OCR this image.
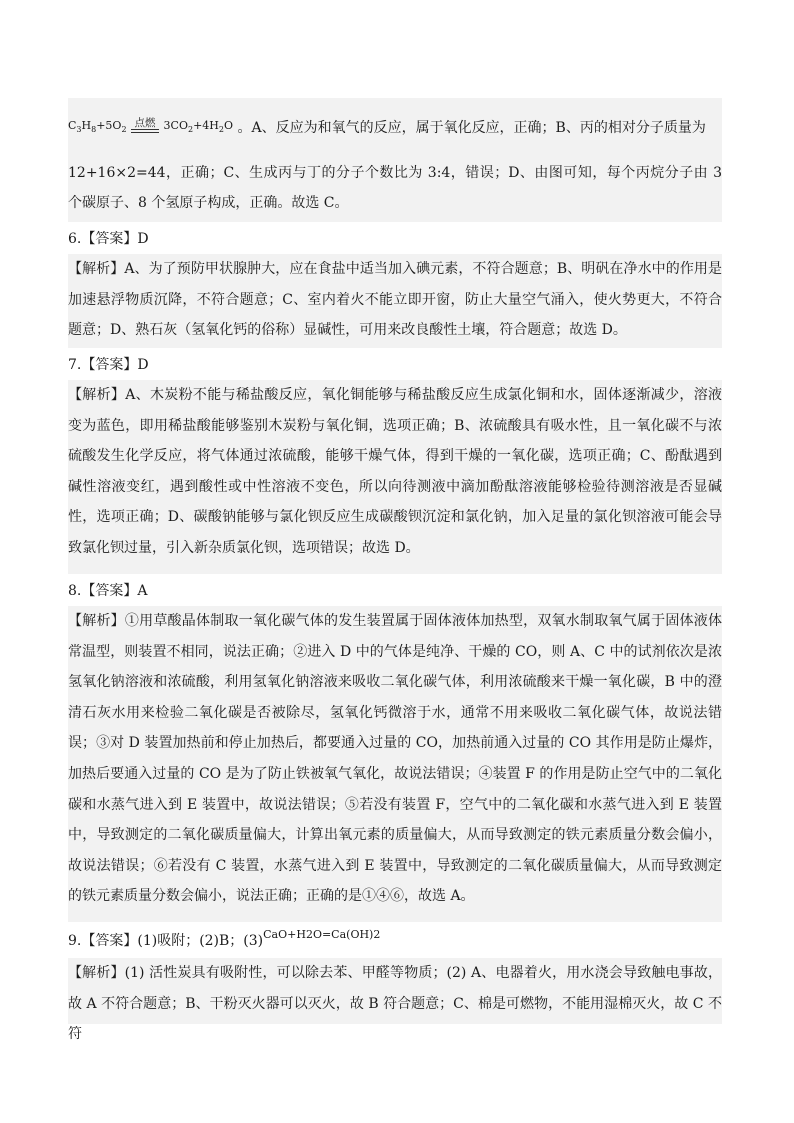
$C_3H_8+5O_2$
点燃 $3CO_2+4H_2O$ 。A、反应为和氧气的反应，属于氧化反应，正确；B、丙的相对分子质量为

12+16×2=44，正确；C、生成丙与丁的分子个数比为 3:4，错误；D、由图可知，每个丙烷分子由 3 个碳原子、8 个氢原子构成，正确。故选 C。

6.【答案】D

【解析】A、为了预防甲状腺肿大，应在食盐中适当加入碘元素，不符合题意；B、明矾在净水中的作用是加速悬浮物质沉降，不符合题意；C、室内着火不能立即开窗，防止大量空气涌入，使火势更大，不符合题意；D、熟石灰（氢氧化钙的俗称）显碱性，可用来改良酸性土壤，符合题意；故选 D。

7.【答案】D

【解析】A、木炭粉不能与稀盐酸反应，氧化铜能够与稀盐酸反应生成氯化铜和水，固体逐渐减少，溶液变为蓝色，即用稀盐酸能够鉴别木炭粉与氧化铜，选项正确；B、浓硫酸具有吸水性，且一氧化碳不与浓硫酸发生化学反应，将气体通过浓硫酸，能够干燥气体，得到干燥的一氧化碳，选项正确；C、酚酞遇到碱性溶液变红，遇到酸性或中性溶液不变色，所以向待测液中滴加酚酞溶液能够检验待测溶液是否显碱性，选项正确；D、碳酸钠能够与氯化钡反应生成碳酸钡沉淀和氯化钠，加入足量的氯化钡溶液可能会导致氯化钡过量，引入新杂质氯化钡，选项错误；故选 D。

8.【答案】A

【解析】①用草酸晶体制取一氧化碳气体的发生装置属于固体液体加热型，双氧水制取氧气属于固体液体常温型，则装置不相同，说法正确；②进入 D 中的气体是纯净、干燥的 CO，则 A、C 中的试剂依次是浓氢氧化钠溶液和浓硫酸，利用氢氧化钠溶液来吸收二氧化碳气体，利用浓硫酸来干燥一氧化碳，B 中的澄清石灰水用来检验二氧化碳是否被除尽，氢氧化钙微溶于水，通常不用来吸收二氧化碳气体，故说法错误；③对 D 装置加热前和停止加热后，都要通入过量的 CO，加热前通入过量的 CO 其作用是防止爆炸，加热后要通入过量的 CO 是为了防止铁被氧气氧化，故说法错误；④装置 F 的作用是防止空气中的二氧化碳和水蒸气进入到 E 装置中，故说法错误；⑤若没有装置 F，空气中的二氧化碳和水蒸气进入到 E 装置中，导致测定的二氧化碳质量偏大，计算出氧元素的质量偏大，从而导致测定的铁元素质量分数会偏小，故说法错误；⑥若没有 C 装置，水蒸气进入到 E 装置中，导致测定的二氧化碳质量偏大，从而导致测定的铁元素质量分数会偏小，说法正确；正确的是①④⑥，故选 A。

9.【答案】(1)吸附；(2)B；$(3)^{CaO+H2O=Ca(OH)2}$

【解析】(1) 活性炭具有吸附性，可以除去苯、甲醛等物质；(2) A、电器着火，用水浇会导致触电事故，故 A 不符合题意；B、干粉灭火器可以灭火，故 B 符合题意；C、棉是可燃物，不能用湿棉灭火，故 C 不符
